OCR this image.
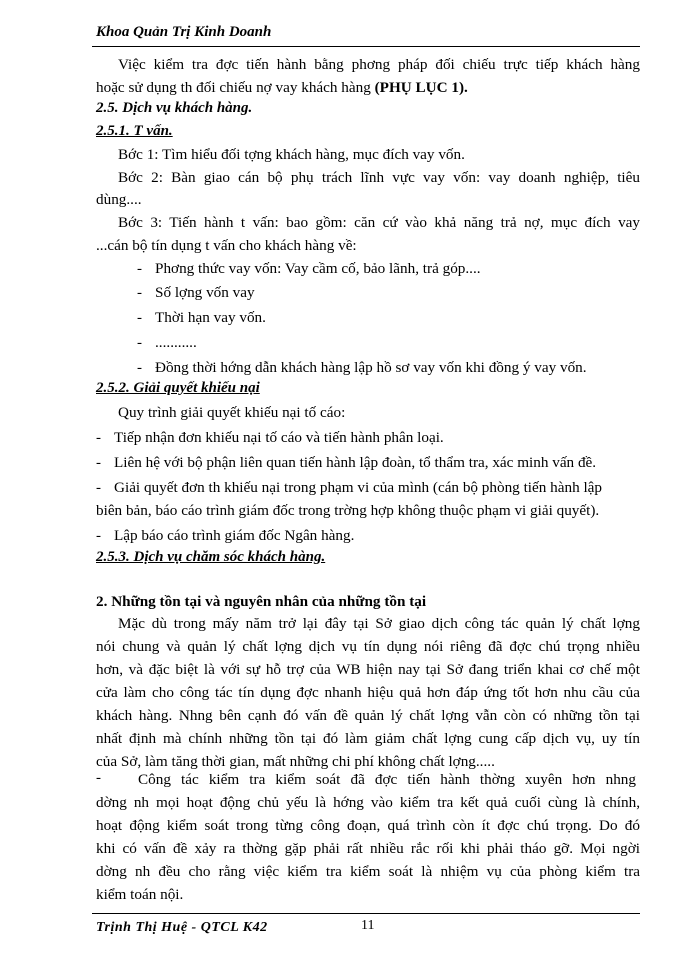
Khoa Quản Trị Kinh Doanh
Việc kiểm tra đợc tiến hành bằng phơng pháp đối chiếu trực tiếp khách hàng
hoặc sử dụng th đối chiếu nợ vay khách hàng (PHỤ LỤC 1).
2.5. Dịch vụ khách hàng.
2.5.1. T vấn.
Bớc 1: Tìm hiểu đối tợng khách hàng, mục đích vay vốn.
Bớc 2: Bàn giao cán bộ phụ trách lĩnh vực vay vốn: vay doanh nghiệp, tiêu
dùng....
Bớc 3: Tiến hành t vấn: bao gồm: căn cứ vào khả năng trả nợ, mục đích vay
...cán bộ tín dụng t vấn cho khách hàng về:
- Phơng thức vay vốn: Vay cầm cố, bảo lãnh, trả góp....
- Số lợng vốn vay
- Thời hạn vay vốn.
- ...........
- Đồng thời hớng dẫn khách hàng lập hồ sơ vay vốn khi đồng ý vay vốn.
2.5.2. Giải quyết khiếu nại
Quy trình giải quyết khiếu nại tố cáo:
- Tiếp nhận đơn khiếu nại tố cáo và tiến hành phân loại.
- Liên hệ với bộ phận liên quan tiến hành lập đoàn, tổ thẩm tra, xác minh vấn đề.
- Giải quyết đơn th khiếu nại trong phạm vi của mình (cán bộ phòng tiến hành lập
biên bản, báo cáo trình giám đốc trong trờng hợp không thuộc phạm vi giải quyết).
- Lập báo cáo trình giám đốc Ngân hàng.
2.5.3. Dịch vụ chăm sóc khách hàng.
2. Những tồn tại và nguyên nhân của những tồn tại
Mặc dù trong mấy năm trở lại đây tại Sở giao dịch công tác quản lý chất lợng
nói chung và quản lý chất lợng dịch vụ tín dụng nói riêng đã đợc chú trọng nhiều
hơn, và đặc biệt là với sự hỗ trợ của WB hiện nay tại Sở đang triển khai cơ chế một
cửa làm cho công tác tín dụng đợc nhanh hiệu quả hơn đáp ứng tốt hơn nhu cầu của
khách hàng. Nhng bên cạnh đó vấn đề quản lý chất lợng vẫn còn có những tồn tại
nhất định mà chính những tồn tại đó làm giảm chất lợng cung cấp dịch vụ, uy tín
của Sở, làm tăng thời gian, mất những chi phí không chất lợng.....
-	Công tác kiểm tra kiểm soát đã đợc tiến hành thờng xuyên hơn nhng
dờng nh mọi hoạt động chủ yếu là hớng vào kiểm tra kết quả cuối cùng là chính,
hoạt động kiểm soát trong từng công đoạn, quá trình còn ít đợc chú trọng. Do đó
khi có vấn đề xảy ra thờng gặp phải rất nhiều rắc rối khi phải tháo gỡ. Mọi ngời
dờng nh đều cho rằng việc kiểm tra kiểm soát là nhiệm vụ của phòng kiểm tra
kiểm toán nội.
Trịnh Thị Huệ - QTCL K42	11
